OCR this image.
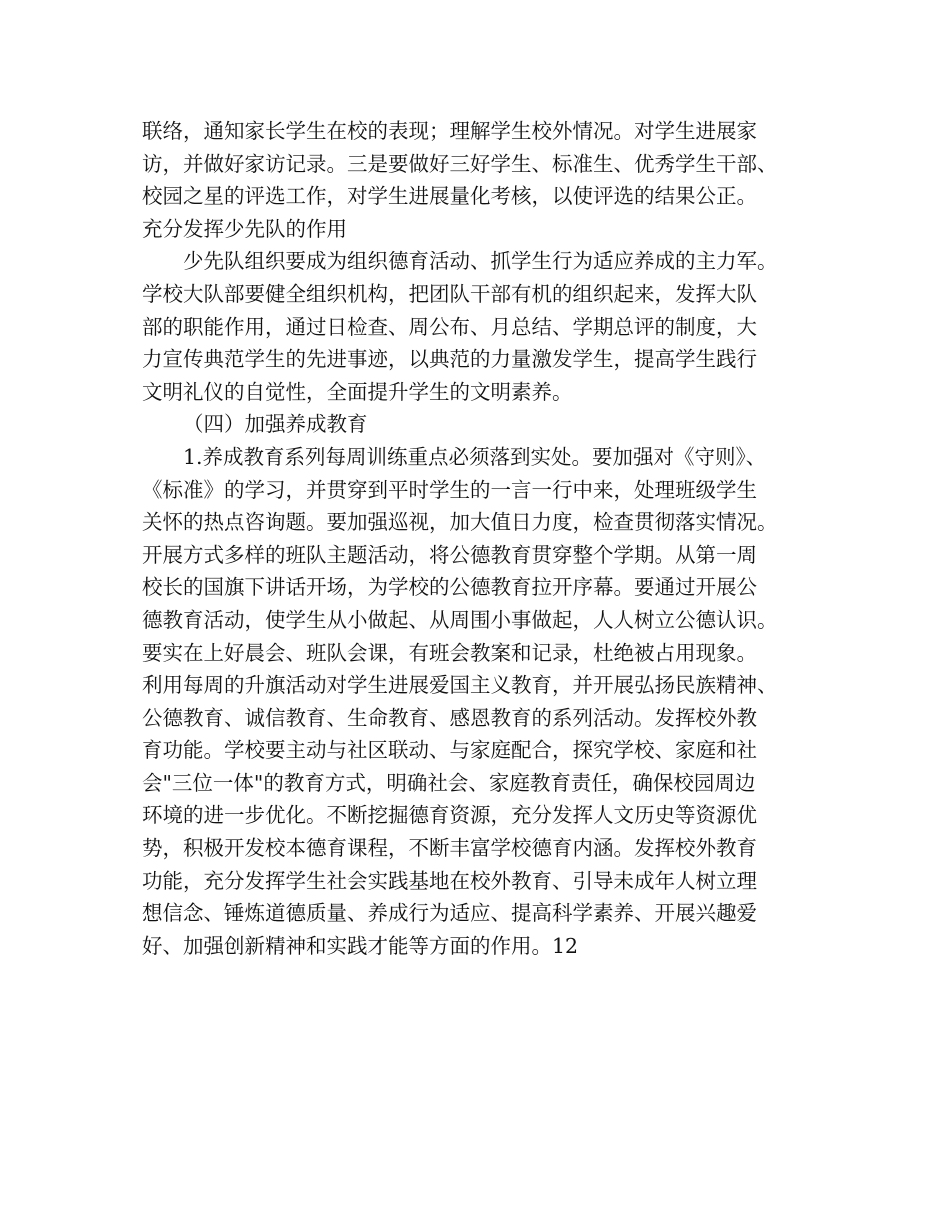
联络，通知家长学生在校的表现；理解学生校外情况。对学生进展家
访，并做好家访记录。三是要做好三好学生、标准生、优秀学生干部、
校园之星的评选工作，对学生进展量化考核，以使评选的结果公正。
充分发挥少先队的作用
少先队组织要成为组织德育活动、抓学生行为适应养成的主力军。
学校大队部要健全组织机构，把团队干部有机的组织起来，发挥大队
部的职能作用，通过日检查、周公布、月总结、学期总评的制度，大
力宣传典范学生的先进事迹，以典范的力量激发学生，提高学生践行
文明礼仪的自觉性，全面提升学生的文明素养。
（四）加强养成教育
1.养成教育系列每周训练重点必须落到实处。要加强对《守则》、
《标准》的学习，并贯穿到平时学生的一言一行中来，处理班级学生
关怀的热点咨询题。要加强巡视，加大值日力度，检查贯彻落实情况。
开展方式多样的班队主题活动，将公德教育贯穿整个学期。从第一周
校长的国旗下讲话开场，为学校的公德教育拉开序幕。要通过开展公
德教育活动，使学生从小做起、从周围小事做起，人人树立公德认识。
要实在上好晨会、班队会课，有班会教案和记录，杜绝被占用现象。
利用每周的升旗活动对学生进展爱国主义教育，并开展弘扬民族精神、
公德教育、诚信教育、生命教育、感恩教育的系列活动。发挥校外教
育功能。学校要主动与社区联动、与家庭配合，探究学校、家庭和社
会"三位一体"的教育方式，明确社会、家庭教育责任，确保校园周边
环境的进一步优化。不断挖掘德育资源，充分发挥人文历史等资源优
势，积极开发校本德育课程，不断丰富学校德育内涵。发挥校外教育
功能，充分发挥学生社会实践基地在校外教育、引导未成年人树立理
想信念、锤炼道德质量、养成行为适应、提高科学素养、开展兴趣爱
好、加强创新精神和实践才能等方面的作用。12
